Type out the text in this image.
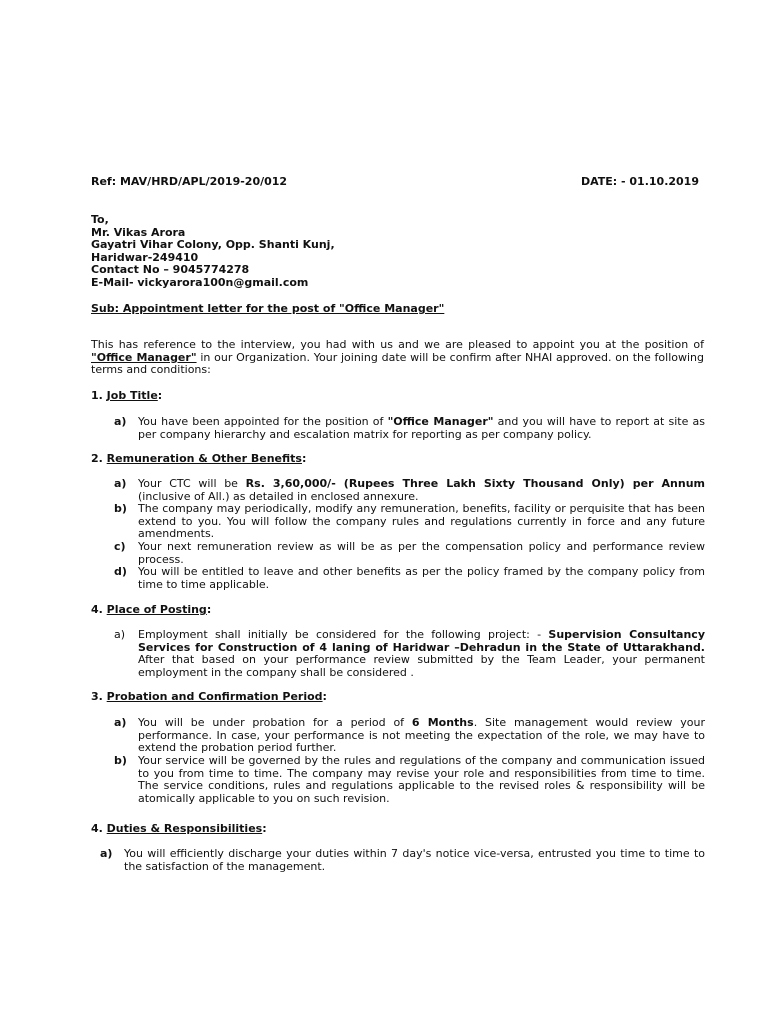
Ref: MAV/HRD/APL/2019-20/012	DATE: - 01.10.2019
To,
Mr. Vikas Arora
Gayatri Vihar Colony, Opp. Shanti Kunj,
Haridwar-249410
Contact No – 9045774278
E-Mail- vickyarora100n@gmail.com
Sub: Appointment letter for the post of "Office Manager"
This has reference to the interview, you had with us and we are pleased to appoint you at the position of "Office Manager" in our Organization. Your joining date will be confirm after NHAI approved. on the following terms and conditions:
1. Job Title:
a)	You have been appointed for the position of "Office Manager" and you will have to report at site as per company hierarchy and escalation matrix for reporting as per company policy.
2. Remuneration & Other Benefits:
a)	Your CTC will be Rs. 3,60,000/- (Rupees Three Lakh Sixty Thousand Only) per Annum (inclusive of All.) as detailed in enclosed annexure.
b)	The company may periodically, modify any remuneration, benefits, facility or perquisite that has been extend to you. You will follow the company rules and regulations currently in force and any future amendments.
c)	Your next remuneration review as will be as per the compensation policy and performance review process.
d)	You will be entitled to leave and other benefits as per the policy framed by the company policy from time to time applicable.
4. Place of Posting:
a)	Employment shall initially be considered for the following project: - Supervision Consultancy Services for Construction of 4 laning of Haridwar –Dehradun in the State of Uttarakhand. After that based on your performance review submitted by the Team Leader, your permanent employment in the company shall be considered .
3. Probation and Confirmation Period:
a)	You will be under probation for a period of 6 Months. Site management would review your performance. In case, your performance is not meeting the expectation of the role, we may have to extend the probation period further.
b)	Your service will be governed by the rules and regulations of the company and communication issued to you from time to time. The company may revise your role and responsibilities from time to time. The service conditions, rules and regulations applicable to the revised roles & responsibility will be atomically applicable to you on such revision.
4. Duties & Responsibilities:
a)	You will efficiently discharge your duties within 7 day's notice vice-versa, entrusted you time to time to the satisfaction of the management.
